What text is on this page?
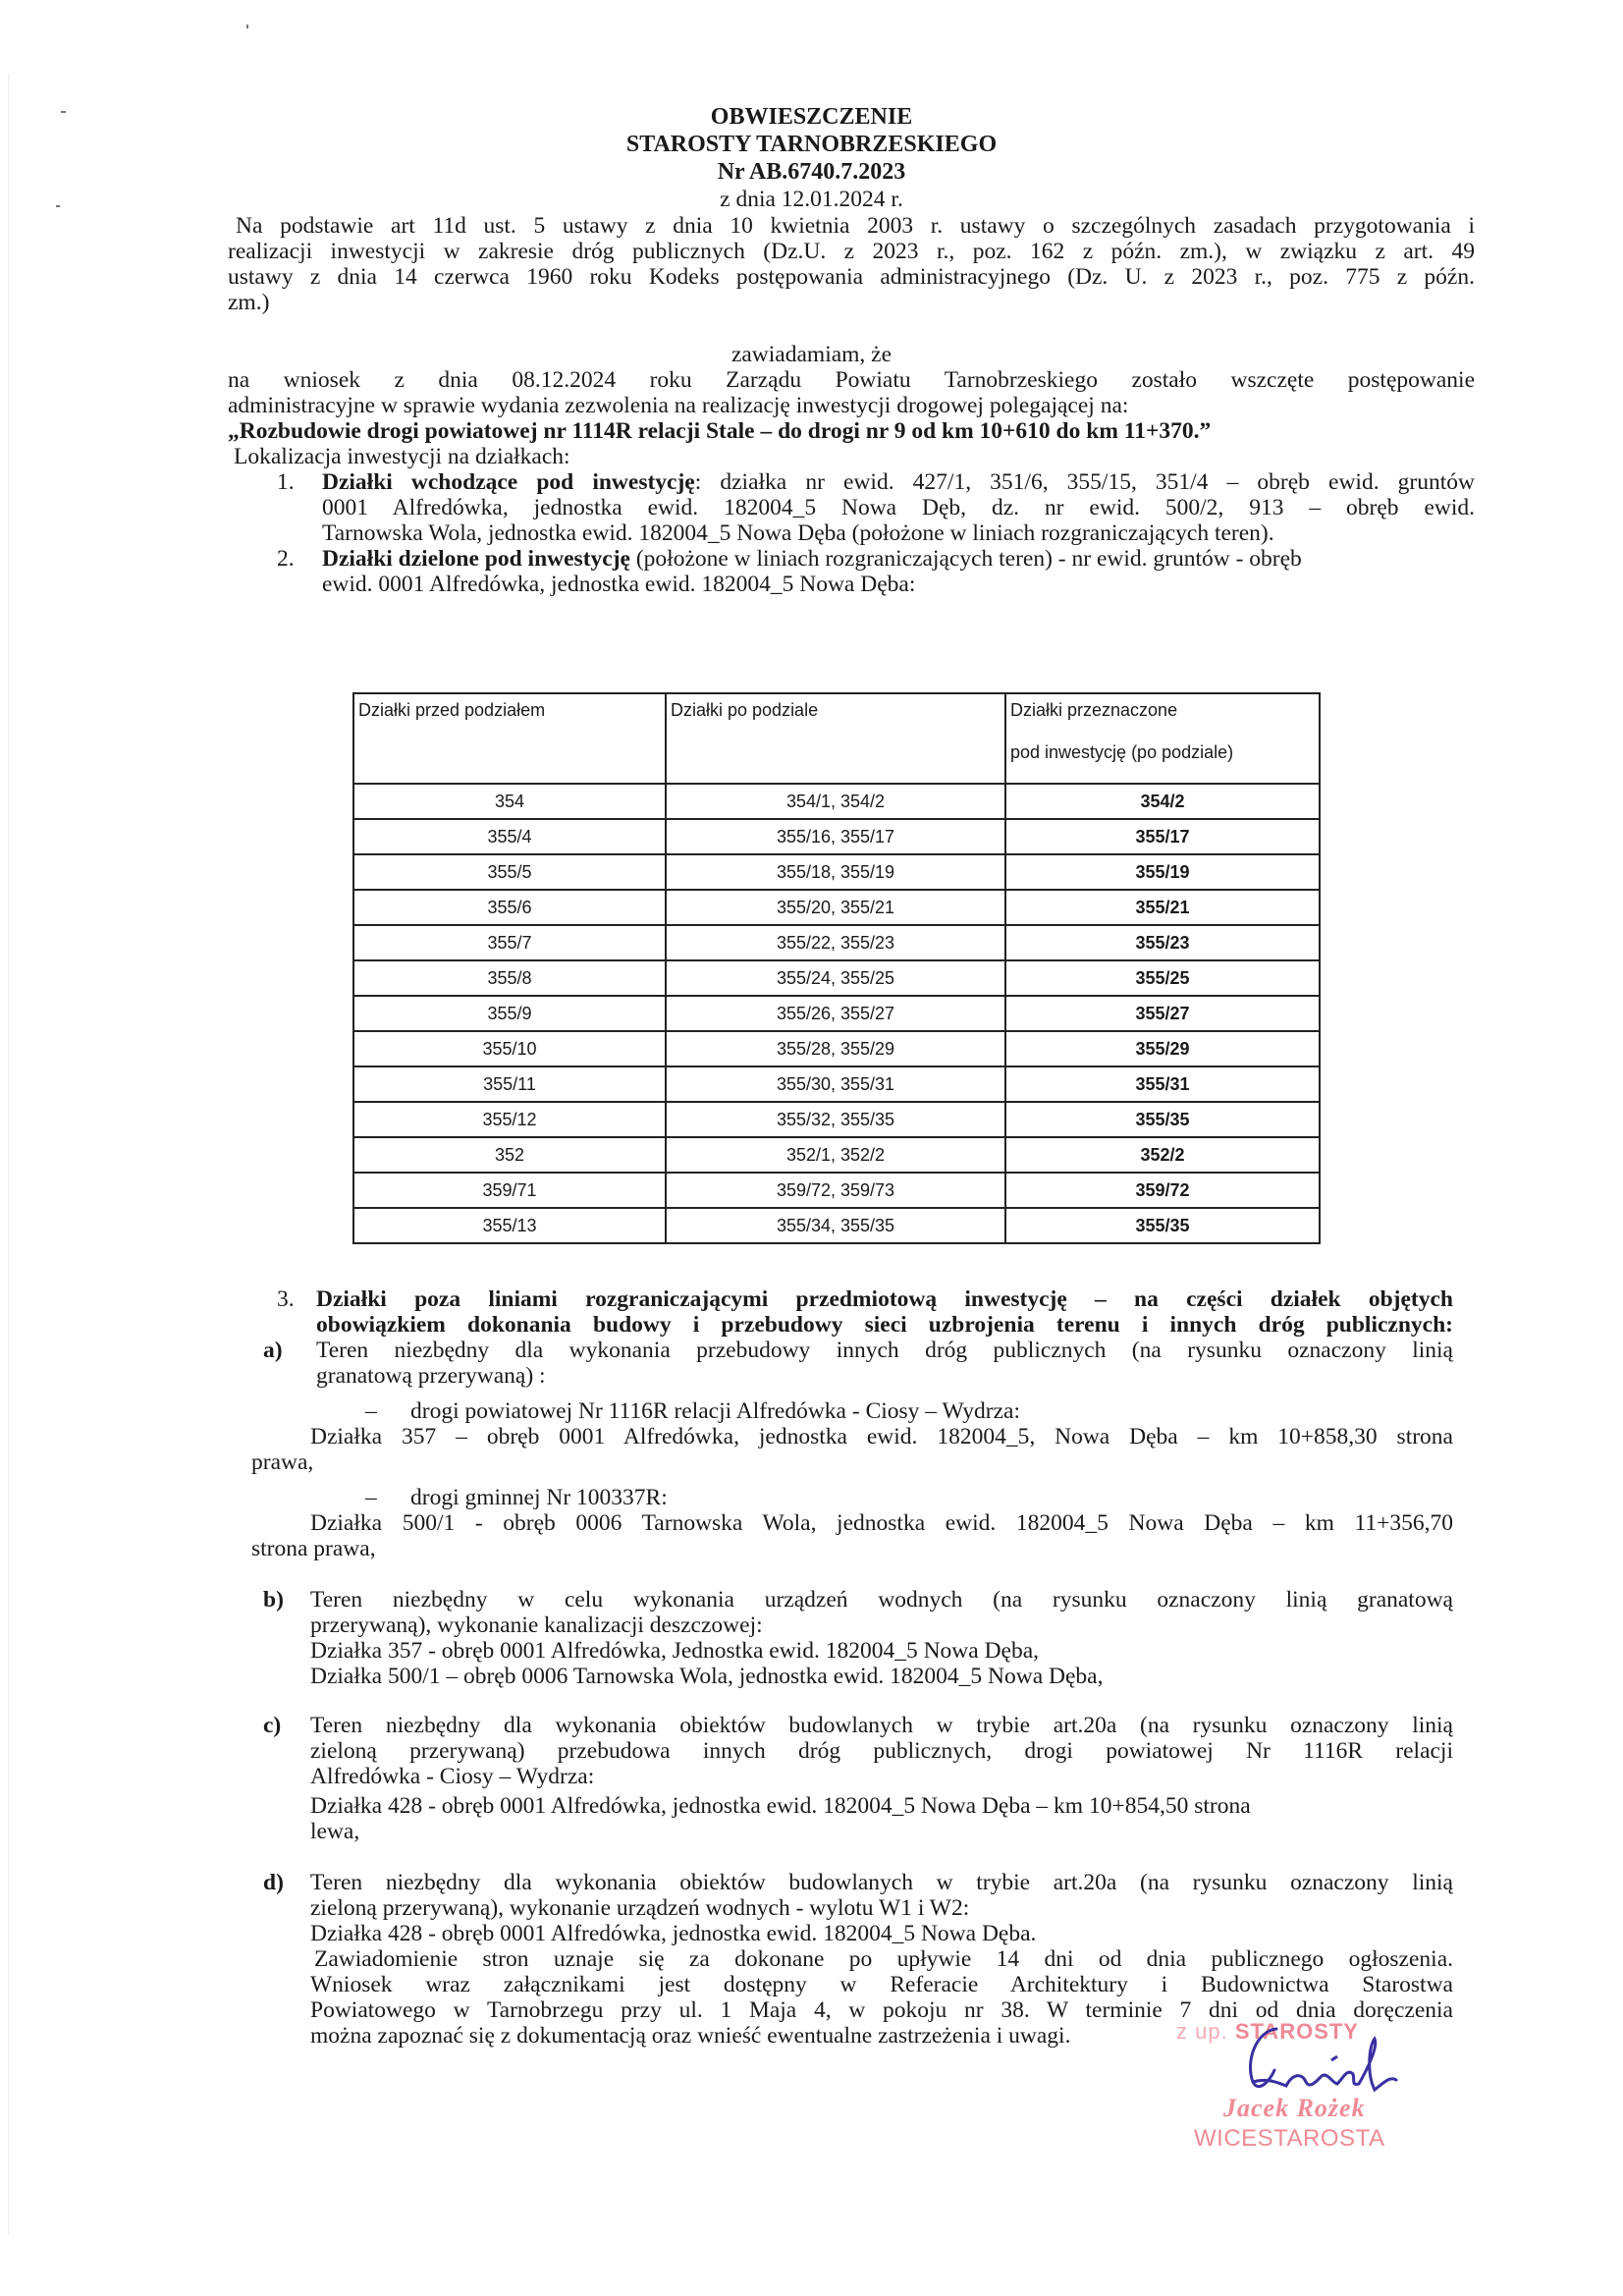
OBWIESZCZENIE
STAROSTY TARNOBRZESKIEGO
Nr AB.6740.7.2023
z dnia 12.01.2024 r.
Na podstawie art 11d ust. 5 ustawy z dnia 10 kwietnia 2003 r. ustawy o szczególnych zasadach przygotowania i
realizacji inwestycji w zakresie dróg publicznych (Dz.U. z 2023 r., poz. 162 z późn. zm.), w związku z art. 49
ustawy z dnia 14 czerwca 1960 roku Kodeks postępowania administracyjnego (Dz. U. z 2023 r., poz. 775 z późn.
zm.)
zawiadamiam, że
na wniosek z dnia 08.12.2024 roku Zarządu Powiatu Tarnobrzeskiego zostało wszczęte postępowanie
administracyjne w sprawie wydania zezwolenia na realizację inwestycji drogowej polegającej na:
„Rozbudowie drogi powiatowej nr 1114R relacji Stale – do drogi nr 9 od km 10+610 do km 11+370.”
Lokalizacja inwestycji na działkach:
1. Działki wchodzące pod inwestycję: działka nr ewid. 427/1, 351/6, 355/15, 351/4 – obręb ewid. gruntów
0001 Alfredówka, jednostka ewid. 182004_5 Nowa Dęb, dz. nr ewid. 500/2, 913 – obręb ewid.
Tarnowska Wola, jednostka ewid. 182004_5 Nowa Dęba (położone w liniach rozgraniczających teren).
2. Działki dzielone pod inwestycję (położone w liniach rozgraniczających teren) - nr ewid. gruntów - obręb
ewid. 0001 Alfredówka, jednostka ewid. 182004_5 Nowa Dęba:
Działki przed podziałem	Działki po podziale	Działki przeznaczone
pod inwestycję (po podziale)

354	354/1, 354/2	354/2
355/4	355/16, 355/17	355/17
355/5	355/18, 355/19	355/19
355/6	355/20, 355/21	355/21
355/7	355/22, 355/23	355/23
355/8	355/24, 355/25	355/25
355/9	355/26, 355/27	355/27
355/10	355/28, 355/29	355/29
355/11	355/30, 355/31	355/31
355/12	355/32, 355/35	355/35
352	352/1, 352/2	352/2
359/71	359/72, 359/73	359/72
355/13	355/34, 355/35	355/35
3. Działki poza liniami rozgraniczającymi przedmiotową inwestycję – na części działek objętych
obowiązkiem dokonania budowy i przebudowy sieci uzbrojenia terenu i innych dróg publicznych:
a) Teren niezbędny dla wykonania przebudowy innych dróg publicznych (na rysunku oznaczony linią
granatową przerywaną) :
– drogi powiatowej Nr 1116R relacji Alfredówka - Ciosy – Wydrza:
Działka 357 – obręb 0001 Alfredówka, jednostka ewid. 182004_5, Nowa Dęba – km 10+858,30 strona
prawa,
– drogi gminnej Nr 100337R:
Działka 500/1 - obręb 0006 Tarnowska Wola, jednostka ewid. 182004_5 Nowa Dęba – km 11+356,70
strona prawa,
b) Teren niezbędny w celu wykonania urządzeń wodnych (na rysunku oznaczony linią granatową
przerywaną), wykonanie kanalizacji deszczowej:
Działka 357 - obręb 0001 Alfredówka, Jednostka ewid. 182004_5 Nowa Dęba,
Działka 500/1 – obręb 0006 Tarnowska Wola, jednostka ewid. 182004_5 Nowa Dęba,
c) Teren niezbędny dla wykonania obiektów budowlanych w trybie art.20a (na rysunku oznaczony linią
zieloną przerywaną) przebudowa innych dróg publicznych, drogi powiatowej Nr 1116R relacji
Alfredówka - Ciosy – Wydrza:
Działka 428 - obręb 0001 Alfredówka, jednostka ewid. 182004_5 Nowa Dęba – km 10+854,50 strona
lewa,
d) Teren niezbędny dla wykonania obiektów budowlanych w trybie art.20a (na rysunku oznaczony linią
zieloną przerywaną), wykonanie urządzeń wodnych - wylotu W1 i W2:
Działka 428 - obręb 0001 Alfredówka, jednostka ewid. 182004_5 Nowa Dęba.
Zawiadomienie stron uznaje się za dokonane po upływie 14 dni od dnia publicznego ogłoszenia.
Wniosek wraz załącznikami jest dostępny w Referacie Architektury i Budownictwa Starostwa
Powiatowego w Tarnobrzegu przy ul. 1 Maja 4, w pokoju nr 38. W terminie 7 dni od dnia doręczenia
można zapoznać się z dokumentacją oraz wnieść ewentualne zastrzeżenia i uwagi.	z up. STAROSTY
Jacek Rożek
WICESTAROSTA
